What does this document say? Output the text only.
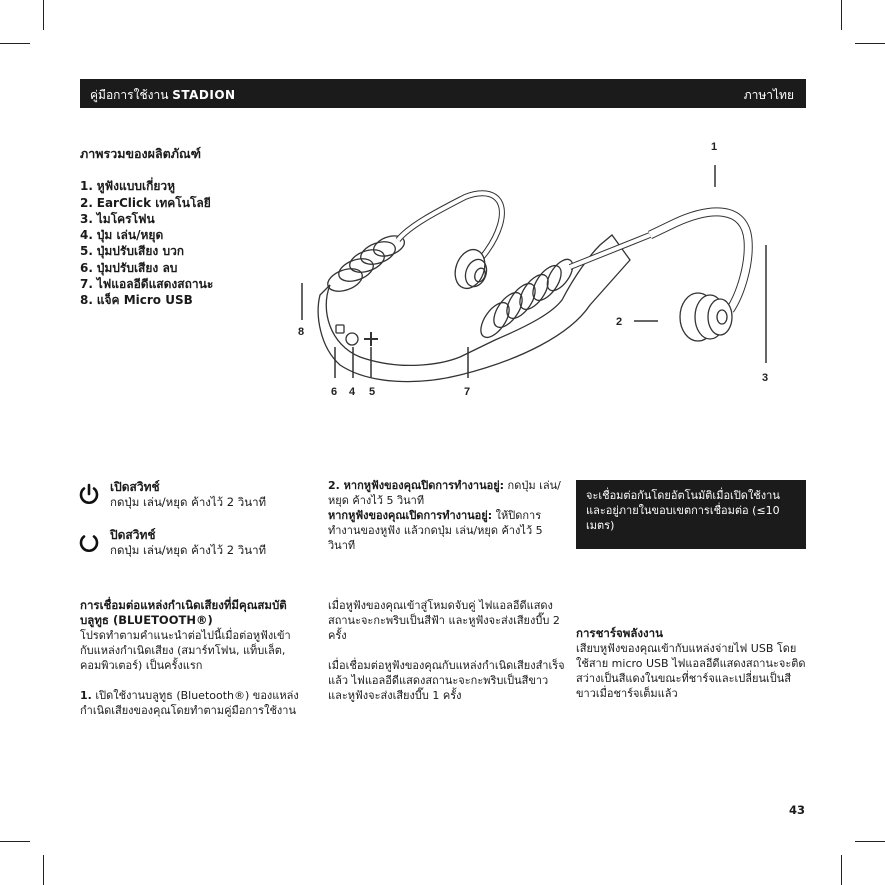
คู่มือการใช้งาน STADION	ภาษาไทย
ภาพรวมของผลิตภัณฑ์
1. หูฟังแบบเกี่ยวหู
2. EarClick เทคโนโลยี
3. ไมโครโฟน
4. ปุ่ม เล่น/หยุด
5. ปุ่มปรับเสียง บวก
6. ปุ่มปรับเสียง ลบ
7. ไฟแอลอีดีแสดงสถานะ
8. แจ็ค Micro USB
1
2
3
4 5
6	7
8
เปิดสวิทช์
กดปุ่ม เล่น/หยุด ค้างไว้ 2 วินาที
ปิดสวิทช์
กดปุ่ม เล่น/หยุด ค้างไว้ 2 วินาที

2. หากหูฟังของคุณปิดการทำงานอยู่: กดปุ่ม เล่น/หยุด ค้างไว้ 5 วินาที

หากหูฟังของคุณเปิดการทำงานอยู่: ให้ปิดการทำงานของหูฟัง แล้วกดปุ่ม เล่น/หยุด ค้างไว้ 5 วินาที

จะเชื่อมต่อกันโดยอัตโนมัติเมื่อเปิดใช้งานและอยู่ภายในขอบเขตการเชื่อมต่อ (≤10 เมตร)

การเชื่อมต่อแหล่งกำเนิดเสียงที่มีคุณสมบัติบลูทูธ (BLUETOOTH®)

โปรดทำตามคำแนะนำต่อไปนี้เมื่อต่อหูฟังเข้ากับแหล่งกำเนิดเสียง (สมาร์ทโฟน, แท็บเล็ต, คอมพิวเตอร์) เป็นครั้งแรก

1. เปิดใช้งานบลูทูธ (Bluetooth®) ของแหล่งกำเนิดเสียงของคุณโดยทำตามคู่มือการใช้งาน

เมื่อหูฟังของคุณเข้าสู่โหมดจับคู่ ไฟแอลอีดีแสดงสถานะจะกะพริบเป็นสีฟ้า และหูฟังจะส่งเสียงบี๊บ 2 ครั้ง

เมื่อเชื่อมต่อหูฟังของคุณกับแหล่งกำเนิดเสียงสำเร็จแล้ว ไฟแอลอีดีแสดงสถานะจะกะพริบเป็นสีขาว และหูฟังจะส่งเสียงบี๊บ 1 ครั้ง

การชาร์จพลังงาน
เสียบหูฟังของคุณเข้ากับแหล่งจ่ายไฟ USB โดยใช้สาย micro USB ไฟแอลอีดีแสดงสถานะจะติดสว่างเป็นสีแดงในขณะที่ชาร์จและเปลี่ยนเป็นสีขาวเมื่อชาร์จเต็มแล้ว
43
